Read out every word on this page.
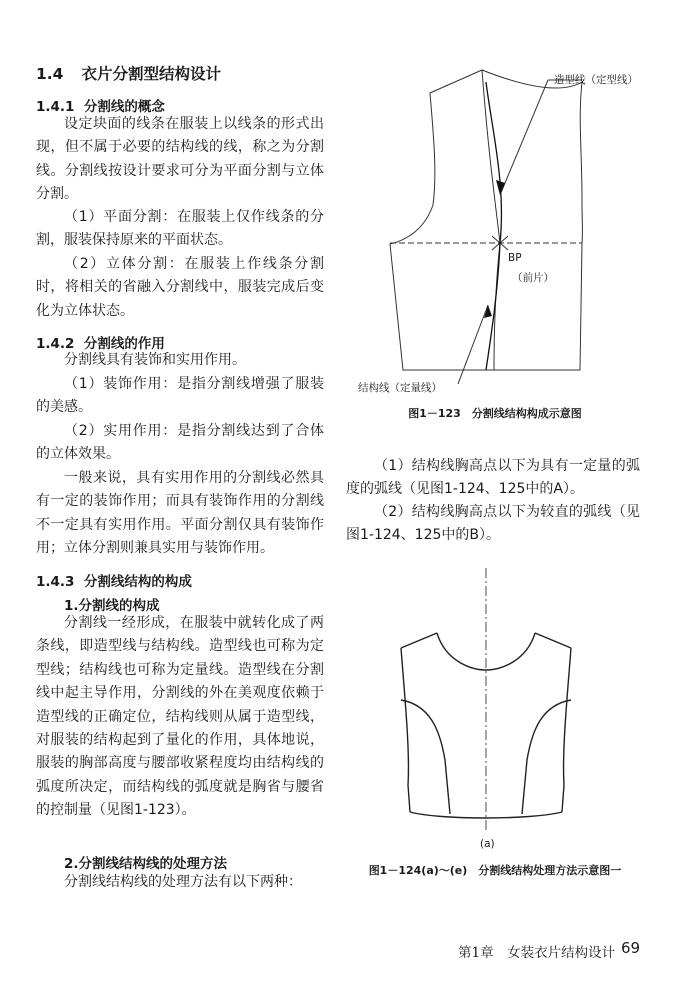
1.4 衣片分割型结构设计
1.4.1 分割线的概念
设定块面的线条在服装上以线条的形式出现，但不属于必要的结构线的线，称之为分割线。分割线按设计要求可分为平面分割与立体分割。
（1）平面分割：在服装上仅作线条的分割，服装保持原来的平面状态。
（2）立体分割：在服装上作线条分割时，将相关的省融入分割线中，服装完成后变化为立体状态。
1.4.2 分割线的作用
分割线具有装饰和实用作用。
（1）装饰作用：是指分割线增强了服装的美感。
（2）实用作用：是指分割线达到了合体的立体效果。
一般来说，具有实用作用的分割线必然具有一定的装饰作用；而具有装饰作用的分割线不一定具有实用作用。平面分割仅具有装饰作用；立体分割则兼具实用与装饰作用。
1.4.3 分割线结构的构成
1.分割线的构成
分割线一经形成，在服装中就转化成了两条线，即造型线与结构线。造型线也可称为定型线；结构线也可称为定量线。造型线在分割线中起主导作用，分割线的外在美观度依赖于造型线的正确定位，结构线则从属于造型线，对服装的结构起到了量化的作用，具体地说，服装的胸部高度与腰部收紧程度均由结构线的弧度所决定，而结构线的弧度就是胸省与腰省的控制量（见图1-123）。
2.分割线结构线的处理方法
分割线结构线的处理方法有以下两种：
造型线（定型线）
BP
（前片）
结构线（定量线）
图1－123　分割线结构构成示意图
（1）结构线胸高点以下为具有一定量的弧度的弧线（见图1-124、125中的A）。
（2）结构线胸高点以下为较直的弧线（见图1-124、125中的B）。
(a)
图1－124(a)～(e)　分割线结构处理方法示意图一
第1章　女装衣片结构设计 69
